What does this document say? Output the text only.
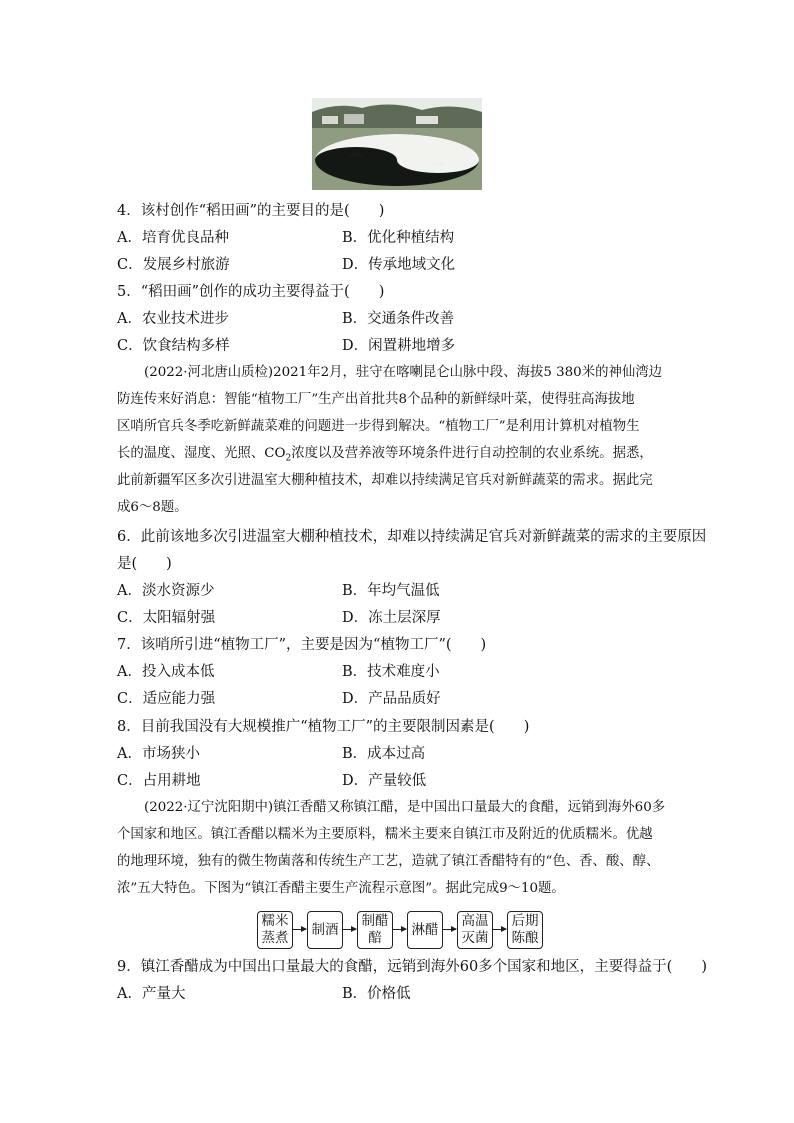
4．该村创作“稻田画”的主要目的是(　　)
A．培育优良品种	B．优化种植结构
C．发展乡村旅游	D．传承地域文化
5．“稻田画”创作的成功主要得益于(　　)
A．农业技术进步	B．交通条件改善
C．饮食结构多样	D．闲置耕地增多
(2022·河北唐山质检)2021年2月，驻守在喀喇昆仑山脉中段、海拔5 380米的神仙湾边
防连传来好消息：智能“植物工厂”生产出首批共8个品种的新鲜绿叶菜，使得驻高海拔地
区哨所官兵冬季吃新鲜蔬菜难的问题进一步得到解决。“植物工厂”是利用计算机对植物生
长的温度、湿度、光照、$CO_2$浓度以及营养液等环境条件进行自动控制的农业系统。据悉，
此前新疆军区多次引进温室大棚种植技术，却难以持续满足官兵对新鲜蔬菜的需求。据此完
成6～8题。
6．此前该地多次引进温室大棚种植技术，却难以持续满足官兵对新鲜蔬菜的需求的主要原因
是(　　)
A．淡水资源少	B．年均气温低
C．太阳辐射强	D．冻土层深厚
7．该哨所引进“植物工厂”，主要是因为“植物工厂”(　　)
A．投入成本低	B．技术难度小
C．适应能力强	D．产品品质好
8．目前我国没有大规模推广“植物工厂”的主要限制因素是(　　)
A．市场狭小	B．成本过高
C．占用耕地	D．产量较低
(2022·辽宁沈阳期中)镇江香醋又称镇江醋，是中国出口量最大的食醋，远销到海外60多
个国家和地区。镇江香醋以糯米为主要原料，糯米主要来自镇江市及附近的优质糯米。优越
的地理环境，独有的微生物菌落和传统生产工艺，造就了镇江香醋特有的“色、香、酸、醇、
浓”五大特色。下图为“镇江香醋主要生产流程示意图”。据此完成9～10题。
糯米
蒸煮
制酒
制醋
醅
淋醋
高温
灭菌
后期
陈酿
9．镇江香醋成为中国出口量最大的食醋，远销到海外60多个国家和地区，主要得益于(　　)
A．产量大	B．价格低
